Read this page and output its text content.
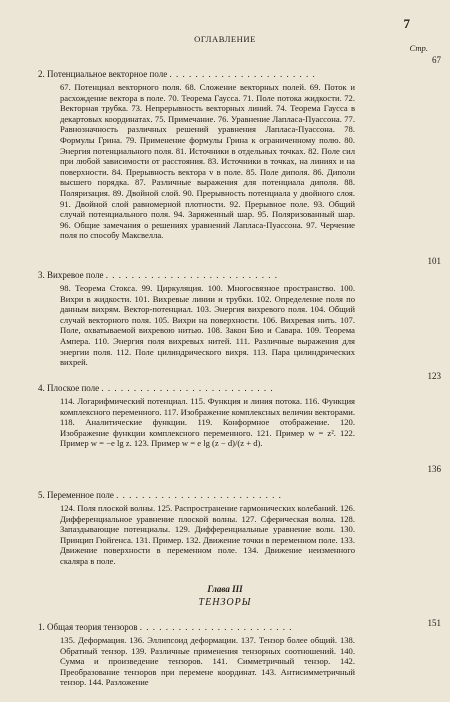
7
ОГЛАВЛЕНИЕ
Стр.
2. Потенциальное векторное поле . . . . . . . . . . . . . . . . . . . . . . .
67
67. Потенциал векторного поля. 68. Сложение векторных полей. 69. Поток и расхождение вектора в поле. 70. Теорема Гаусса. 71. Поле потока жидкости. 72. Векторная трубка. 73. Непрерывность векторных линий. 74. Теорема Гаусса в декартовых координатах. 75. Примечание. 76. Уравнение Лапласа-Пуассона. 77. Равнозначность различных решений уравнения Лапласа-Пуассона. 78. Формулы Грина. 79. Применение формулы Грина к ограниченному полю. 80. Энергия потенциального поля. 81. Источники в отдельных точках. 82. Поле сил при любой зависимости от расстояния. 83. Источники в точках, на линиях и на поверхности. 84. Прерывность вектора v в поле. 85. Поле диполя. 86. Диполи высшего порядка. 87. Различные выражения для потенциала диполя. 88. Поляризация. 89. Двойной слой. 90. Прерывность потенциала у двойного слоя. 91. Двойной слой равномерной плотности. 92. Прерывное поле. 93. Общий случай потенциального поля. 94. Заряженный шар. 95. Поляризованный шар. 96. Общие замечания о решениях уравнений Лапласа-Пуассона. 97. Черчение поля по способу Максвелла.
3. Вихревое поле . . . . . . . . . . . . . . . . . . . . . . . . . . .
101
98. Теорема Стокса. 99. Циркуляция. 100. Многосвязное пространство. 100. Вихри в жидкости. 101. Вихревые линии и трубки. 102. Определение поля по данным вихрям. Вектор-потенциал. 103. Энергия вихревого поля. 104. Общий случай векторного поля. 105. Вихри на поверхности. 106. Вихревая нить. 107. Поле, охватываемой вихревою нитью. 108. Закон Био и Савара. 109. Теорема Ампера. 110. Энергия поля вихревых нитей. 111. Различные выражения для энергии поля. 112. Поле цилиндрического вихря. 113. Пара цилиндрических вихрей.
4. Плоское поле . . . . . . . . . . . . . . . . . . . . . . . . . . .
123
114. Логарифмический потенциал. 115. Функция и линия потока. 116. Функция комплексного переменного. 117. Изображение комплексных величин векторами. 118. Аналитические функции. 119. Конформное отображение. 120. Изображение функции комплексного переменного. 121. Пример w = z². 122. Пример w = −e lg z. 123. Пример w = e lg (z − d)/(z + d).
5. Переменное поле . . . . . . . . . . . . . . . . . . . . . . . . . .
136
124. Поля плоской волны. 125. Распространение гармонических колебаний. 126. Дифференциальное уравнение плоской волны. 127. Сферическая волна. 128. Запаздывающие потенциалы. 129. Дифференциальные уравнение волн. 130. Принцип Гюйгенса. 131. Пример. 132. Движение точки в переменном поле. 133. Движение поверхности в переменном поле. 134. Движение неизменного скаляра в поле.
Глава III
ТЕНЗОРЫ
1. Общая теория тензоров . . . . . . . . . . . . . . . . . . . . . . . .	151
135. Деформация. 136. Эллипсоид деформации. 137. Тензор более общий. 138. Обратный тензор. 139. Различные применения тензорных соотношений. 140. Сумма и произведение тензоров. 141. Симметричный тензор. 142. Преобразование тензоров при перемене координат. 143. Антисимметричный тензор. 144. Разложение
